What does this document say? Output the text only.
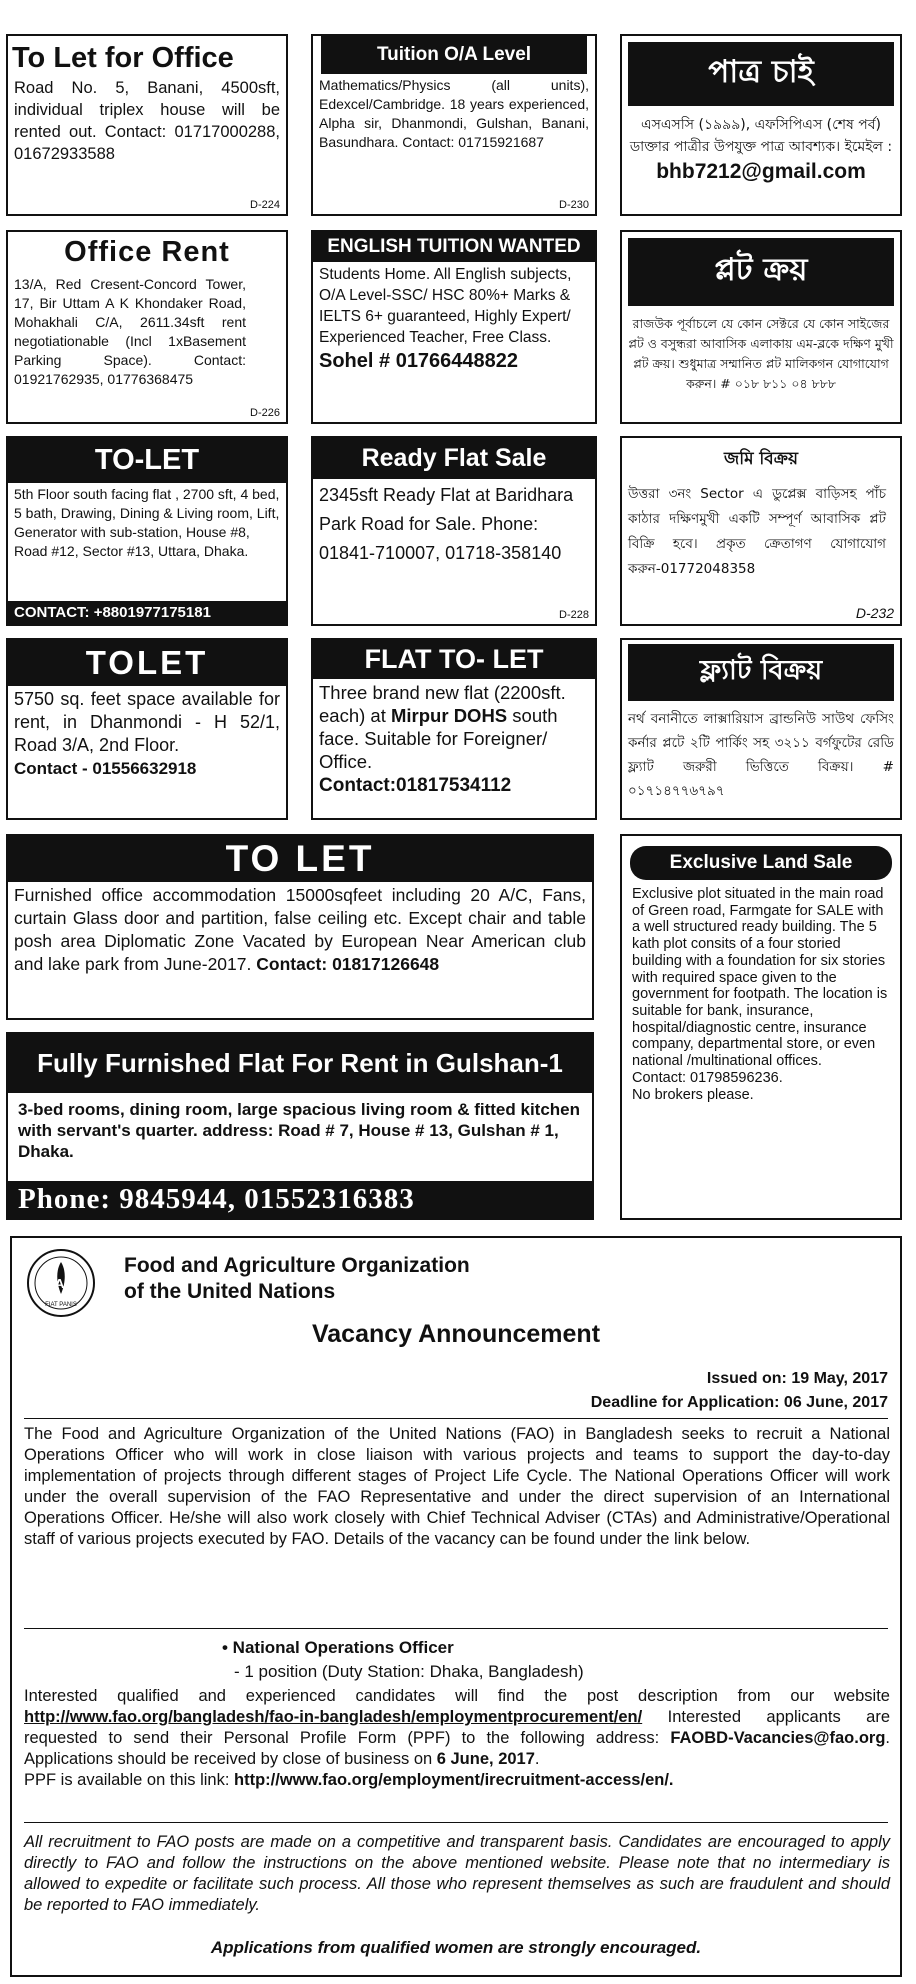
To Let for Office
Road No. 5, Banani, 4500sft, individual triplex house will be rented out. Contact: 01717000288, 01672933588
D-224
Tuition O/A Level
Mathematics/Physics (all units), Edexcel/Cambridge. 18 years experienced, Alpha sir, Dhanmondi, Gulshan, Banani, Basundhara. Contact: 01715921687
D-230
পাত্র চাই
এসএসসি (১৯৯৯), এফসিপিএস (শেষ পর্ব) ডাক্তার পাত্রীর উপযুক্ত পাত্র আবশ্যক। ইমেইল :
bhb7212@gmail.com
Office Rent
13/A, Red Cresent-Concord Tower, 17, Bir Uttam A K Khondaker Road, Mohakhali C/A, 2611.34sft rent negotiationable (Incl 1xBasement Parking Space). Contact: 01921762935, 01776368475
D-226
ENGLISH TUITION WANTED
Students Home. All English subjects, O/A Level-SSC/ HSC 80%+ Marks & IELTS 6+ guaranteed, Highly Expert/ Experienced Teacher, Free Class.
Sohel # 01766448822
প্লট ক্রয়
রাজউক পূর্বাচলে যে কোন সেক্টরে যে কোন সাইজের প্লট ও বসুন্ধরা আবাসিক এলাকায় এম-ব্লকে দক্ষিণ মুখী প্লট ক্রয়। শুধুমাত্র সম্মানিত প্লট মালিকগন যোগাযোগ করুন। # ০১৮ ৮১১ ০৪ ৮৮৮
TO-LET
5th Floor south facing flat , 2700 sft, 4 bed, 5 bath, Drawing, Dining & Living room, Lift, Generator with sub-station, House #8, Road #12, Sector #13, Uttara, Dhaka.
CONTACT: +8801977175181
Ready Flat Sale
2345sft Ready Flat at Baridhara Park Road for Sale. Phone: 01841-710007, 01718-358140
D-228
জমি বিক্রয়
উত্তরা ৩নং Sector এ ডুপ্লেক্স বাড়িসহ পাঁচ কাঠার দক্ষিণমুখী একটি সম্পূর্ণ আবাসিক প্লট বিক্রি হবে। প্রকৃত ক্রেতাগণ যোগাযোগ করুন-01772048358
D-232
TOLET
5750 sq. feet space available for rent, in Dhanmondi - H 52/1, Road 3/A, 2nd Floor.
Contact - 01556632918
FLAT TO- LET
Three brand new flat (2200sft. each) at Mirpur DOHS south face. Suitable for Foreigner/ Office.
Contact:01817534112
ফ্ল্যাট বিক্রয়
নর্থ বনানীতে লাক্সারিয়াস ব্রান্ডনিউ সাউথ ফেসিং কর্নার প্লটে ২টি পার্কিং সহ ৩২১১ বর্গফুটের রেডি ফ্ল্যাট জরুরী ভিত্তিতে বিক্রয়। # ০১৭১৪৭৭৬৭৯৭
TO LET
Furnished office accommodation 15000sqfeet including 20 A/C, Fans, curtain Glass door and partition, false ceiling etc. Except chair and table posh area Diplomatic Zone Vacated by European Near American club and lake park from June-2017. Contact: 01817126648
Exclusive Land Sale
Exclusive plot situated in the main road of Green road, Farmgate for SALE with a well structured ready building. The 5 kath plot consits of a four storied building with a foundation for six stories with required space given to the government for footpath. The location is suitable for bank, insurance, hospital/diagnostic centre, insurance company, departmental store, or even national /multinational offices.
Contact: 01798596236.
No brokers please.
Fully Furnished Flat For Rent in Gulshan-1
3-bed rooms, dining room, large spacious living room & fitted kitchen with servant's quarter. address: Road # 7, House # 13, Gulshan # 1, Dhaka.
Phone: 9845944, 01552316383
FAO
FIAT PANIS
Food and Agriculture Organization
of the United Nations
Vacancy Announcement
Issued on: 19 May, 2017
Deadline for Application: 06 June, 2017

The Food and Agriculture Organization of the United Nations (FAO) in Bangladesh seeks to recruit a National Operations Officer who will work in close liaison with various projects and teams to support the day-to-day implementation of projects through different stages of Project Life Cycle. The National Operations Officer will work under the overall supervision of the FAO Representative and under the direct supervision of an International Operations Officer. He/she will also work closely with Chief Technical Adviser (CTAs) and Administrative/Operational staff of various projects executed by FAO. Details of the vacancy can be found under the link below.

• National Operations Officer
- 1 position (Duty Station: Dhaka, Bangladesh)

Interested qualified and experienced candidates will find the post description from our website http://www.fao.org/bangladesh/fao-in-bangladesh/employmentprocurement/en/ Interested applicants are requested to send their Personal Profile Form (PPF) to the following address: FAOBD-Vacancies@fao.org. Applications should be received by close of business on 6 June, 2017.
PPF is available on this link: http://www.fao.org/employment/irecruitment-access/en/.

All recruitment to FAO posts are made on a competitive and transparent basis. Candidates are encouraged to apply directly to FAO and follow the instructions on the above mentioned website. Please note that no intermediary is allowed to expedite or facilitate such process. All those who represent themselves as such are fraudulent and should be reported to FAO immediately.

Applications from qualified women are strongly encouraged.
